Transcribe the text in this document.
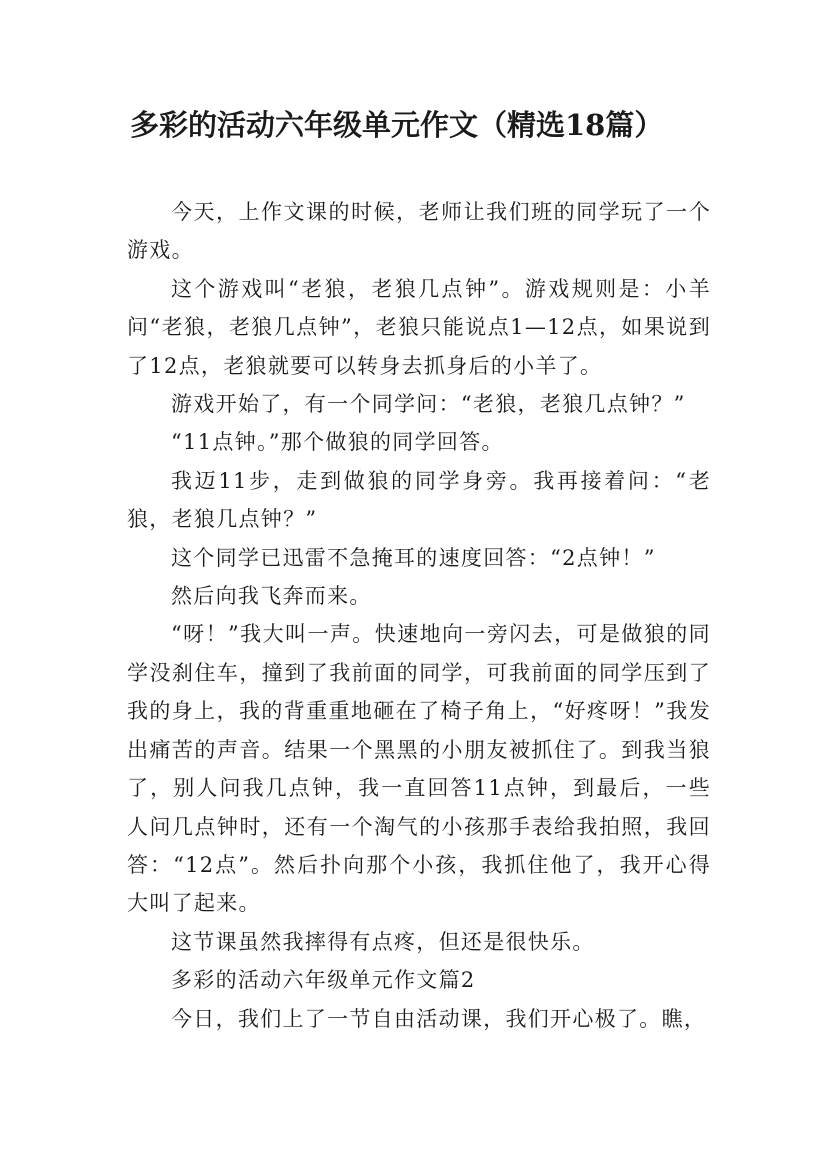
多彩的活动六年级单元作文（精选18篇）

今天，上作文课的时候，老师让我们班的同学玩了一个游戏。

这个游戏叫“老狼，老狼几点钟”。游戏规则是：小羊问“老狼，老狼几点钟”，老狼只能说点1—12点，如果说到了12点，老狼就要可以转身去抓身后的小羊了。

游戏开始了，有一个同学问：“老狼，老狼几点钟？”

“11点钟。”那个做狼的同学回答。

我迈11步，走到做狼的同学身旁。我再接着问：“老狼，老狼几点钟？”

这个同学已迅雷不急掩耳的速度回答：“2点钟！”

然后向我飞奔而来。

“呀！”我大叫一声。快速地向一旁闪去，可是做狼的同学没刹住车，撞到了我前面的同学，可我前面的同学压到了我的身上，我的背重重地砸在了椅子角上，“好疼呀！”我发出痛苦的声音。结果一个黑黑的小朋友被抓住了。到我当狼了，别人问我几点钟，我一直回答11点钟，到最后，一些人问几点钟时，还有一个淘气的小孩那手表给我拍照，我回答：“12点”。然后扑向那个小孩，我抓住他了，我开心得大叫了起来。

这节课虽然我摔得有点疼，但还是很快乐。

多彩的活动六年级单元作文篇2

今日，我们上了一节自由活动课，我们开心极了。瞧，
